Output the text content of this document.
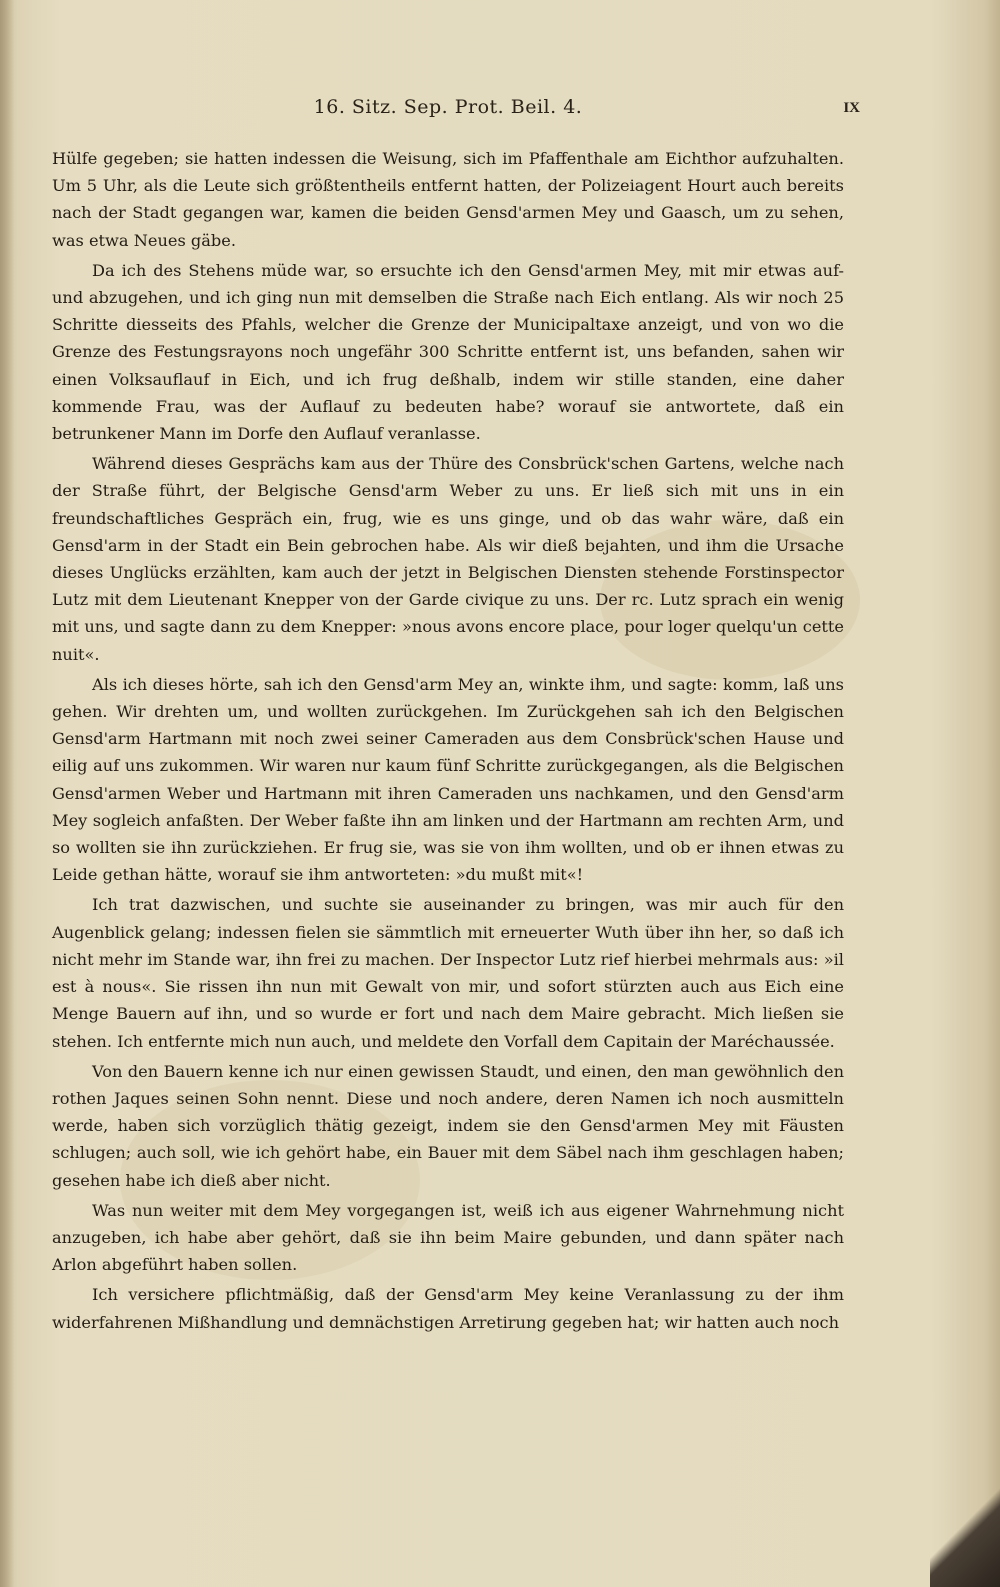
16. Sitz. Sep. Prot. Beil. 4.	IX

Hülfe gegeben; sie hatten indessen die Weisung, sich im Pfaffenthale am Eichthor aufzuhalten. Um 5 Uhr, als die Leute sich größtentheils entfernt hatten, der Polizeiagent Hourt auch bereits nach der Stadt gegangen war, kamen die beiden Gensd'armen Mey und Gaasch, um zu sehen, was etwa Neues gäbe.

Da ich des Stehens müde war, so ersuchte ich den Gensd'armen Mey, mit mir etwas auf- und abzugehen, und ich ging nun mit demselben die Straße nach Eich entlang. Als wir noch 25 Schritte diesseits des Pfahls, welcher die Grenze der Municipaltaxe anzeigt, und von wo die Grenze des Festungsrayons noch ungefähr 300 Schritte entfernt ist, uns befanden, sahen wir einen Volksauflauf in Eich, und ich frug deßhalb, indem wir stille standen, eine daher kommende Frau, was der Auflauf zu bedeuten habe? worauf sie antwortete, daß ein betrunkener Mann im Dorfe den Auflauf veranlasse.

Während dieses Gesprächs kam aus der Thüre des Consbrück'schen Gartens, welche nach der Straße führt, der Belgische Gensd'arm Weber zu uns. Er ließ sich mit uns in ein freundschaftliches Gespräch ein, frug, wie es uns ginge, und ob das wahr wäre, daß ein Gensd'arm in der Stadt ein Bein gebrochen habe. Als wir dieß bejahten, und ihm die Ursache dieses Unglücks erzählten, kam auch der jetzt in Belgischen Diensten stehende Forstinspector Lutz mit dem Lieutenant Knepper von der Garde civique zu uns. Der rc. Lutz sprach ein wenig mit uns, und sagte dann zu dem Knepper: »nous avons encore place, pour loger quelqu'un cette nuit«.

Als ich dieses hörte, sah ich den Gensd'arm Mey an, winkte ihm, und sagte: komm, laß uns gehen. Wir drehten um, und wollten zurückgehen. Im Zurückgehen sah ich den Belgischen Gensd'arm Hartmann mit noch zwei seiner Cameraden aus dem Consbrück'schen Hause und eilig auf uns zukommen. Wir waren nur kaum fünf Schritte zurückgegangen, als die Belgischen Gensd'armen Weber und Hartmann mit ihren Cameraden uns nachkamen, und den Gensd'arm Mey sogleich anfaßten. Der Weber faßte ihn am linken und der Hartmann am rechten Arm, und so wollten sie ihn zurückziehen. Er frug sie, was sie von ihm wollten, und ob er ihnen etwas zu Leide gethan hätte, worauf sie ihm antworteten: »du mußt mit«!

Ich trat dazwischen, und suchte sie auseinander zu bringen, was mir auch für den Augenblick gelang; indessen fielen sie sämmtlich mit erneuerter Wuth über ihn her, so daß ich nicht mehr im Stande war, ihn frei zu machen. Der Inspector Lutz rief hierbei mehrmals aus: »il est à nous«. Sie rissen ihn nun mit Gewalt von mir, und sofort stürzten auch aus Eich eine Menge Bauern auf ihn, und so wurde er fort und nach dem Maire gebracht. Mich ließen sie stehen. Ich entfernte mich nun auch, und meldete den Vorfall dem Capitain der Maréchaussée.

Von den Bauern kenne ich nur einen gewissen Staudt, und einen, den man gewöhnlich den rothen Jaques seinen Sohn nennt. Diese und noch andere, deren Namen ich noch ausmitteln werde, haben sich vorzüglich thätig gezeigt, indem sie den Gensd'armen Mey mit Fäusten schlugen; auch soll, wie ich gehört habe, ein Bauer mit dem Säbel nach ihm geschlagen haben; gesehen habe ich dieß aber nicht.

Was nun weiter mit dem Mey vorgegangen ist, weiß ich aus eigener Wahrnehmung nicht anzugeben, ich habe aber gehört, daß sie ihn beim Maire gebunden, und dann später nach Arlon abgeführt haben sollen.

Ich versichere pflichtmäßig, daß der Gensd'arm Mey keine Veranlassung zu der ihm widerfahrenen Mißhandlung und demnächstigen Arretirung gegeben hat; wir hatten auch noch
